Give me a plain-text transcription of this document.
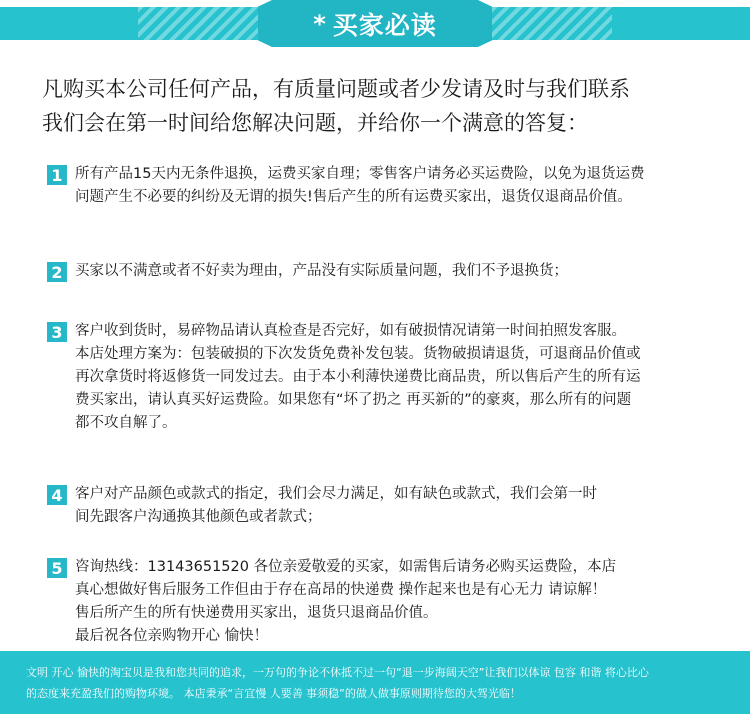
* 买家必读

凡购买本公司任何产品，有质量问题或者少发请及时与我们联系

我们会在第一时间给您解决问题，并给你一个满意的答复：

1 所有产品15天内无条件退换，运费买家自理；零售客户请务必买运费险，以免为退货运费
问题产生不必要的纠纷及无谓的损失!售后产生的所有运费买家出，退货仅退商品价值。
2 买家以不满意或者不好卖为理由，产品没有实际质量问题，我们不予退换货；
3 客户收到货时，易碎物品请认真检查是否完好，如有破损情况请第一时间拍照发客服。
本店处理方案为：包装破损的下次发货免费补发包装。货物破损请退货，可退商品价值或
再次拿货时将返修货一同发过去。由于本小利薄快递费比商品贵，所以售后产生的所有运
费买家出，请认真买好运费险。如果您有“坏了扔之 再买新的”的豪爽，那么所有的问题
都不攻自解了。
4 客户对产品颜色或款式的指定，我们会尽力满足，如有缺色或款式，我们会第一时
间先跟客户沟通换其他颜色或者款式；
5 咨询热线：13143651520 各位亲爱敬爱的买家，如需售后请务必购买运费险，本店
真心想做好售后服务工作但由于存在高昂的快递费 操作起来也是有心无力 请谅解！
售后所产生的所有快递费用买家出，退货只退商品价值。
最后祝各位亲购物开心 愉快！
文明 开心 愉快的淘宝贝是我和您共同的追求，一万句的争论不休抵不过一句“退一步海阔天空”让我们以体谅 包容 和谐 将心比心
的态度来充盈我们的购物环境。 本店秉承“言宜慢 人要善 事须稳”的做人做事原则期待您的大驾光临！
